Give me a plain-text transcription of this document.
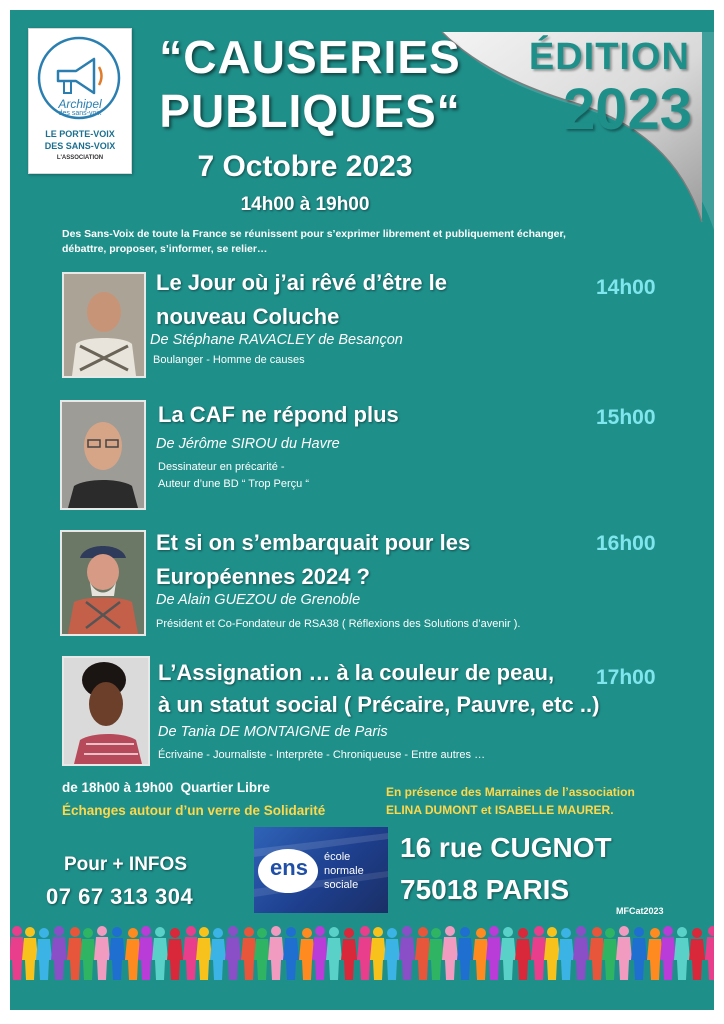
ÉDITION
2023
Archipel
des sans-voix
LE PORTE-VOIX
DES SANS-VOIX
L'ASSOCIATION
“CAUSERIES
PUBLIQUES“
7 Octobre 2023
14h00 à 19h00
Des Sans-Voix de toute la France se réunissent pour s’exprimer librement et publiquement échanger,
débattre, proposer, s’informer, se relier…
Le Jour où j’ai rêvé d’être le
nouveau Coluche
De Stéphane RAVACLEY de Besançon
Boulanger - Homme de causes
14h00
La CAF ne répond plus
De Jérôme SIROU du Havre
Dessinateur en précarité -
Auteur d’une BD “ Trop Perçu “
15h00
Et si on s’embarquait pour les
Européennes 2024 ?
De Alain GUEZOU de Grenoble
Président et Co-Fondateur de RSA38 ( Réflexions des Solutions d’avenir ).
16h00
L’Assignation … à la couleur de peau,
à un statut social ( Précaire, Pauvre, etc ..)
De Tania DE MONTAIGNE de Paris
Écrivaine - Journaliste - Interprète - Chroniqueuse - Entre autres …
17h00
de 18h00 à 19h00  Quartier Libre
Échanges autour d’un verre de Solidarité
En présence des Marraines de l’association
ELINA DUMONT et ISABELLE MAURER.
Pour + INFOS
07 67 313 304
ens	école
normale
sociale
16 rue CUGNOT
75018 PARIS
MFCat2023
